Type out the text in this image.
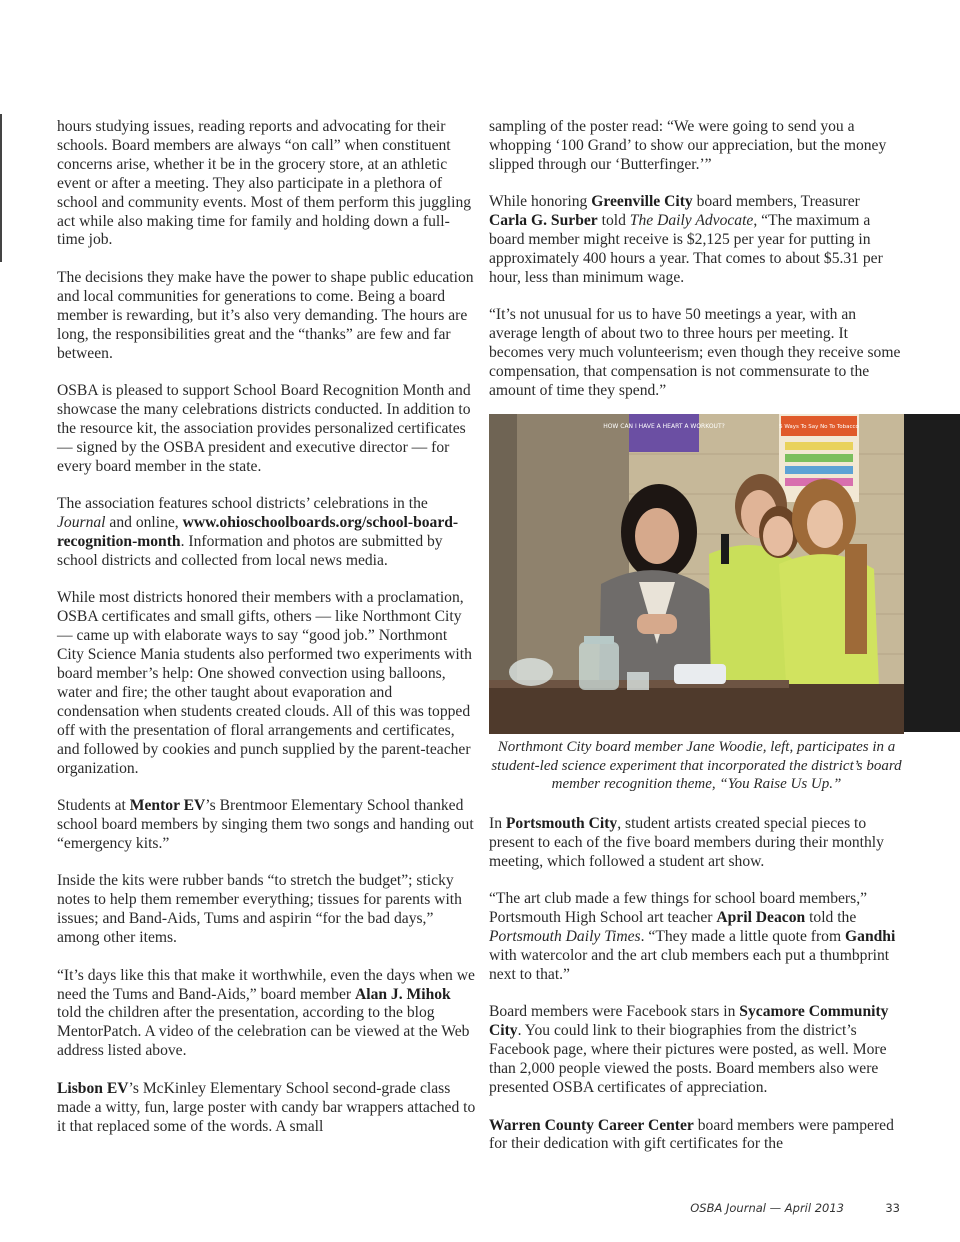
hours studying issues, reading reports and advocating for their schools. Board members are always “on call” when constituent concerns arise, whether it be in the grocery store, at an athletic event or after a meeting. They also participate in a plethora of school and community events. Most of them perform this juggling act while also making time for family and holding down a full-time job.

The decisions they make have the power to shape public education and local communities for generations to come. Being a board member is rewarding, but it’s also very demanding. The hours are long, the responsibilities great and the “thanks” are few and far between.

OSBA is pleased to support School Board Recognition Month and showcase the many celebrations districts conducted. In addition to the resource kit, the association provides personalized certificates — signed by the OSBA president and executive director — for every board member in the state.

The association features school districts’ celebrations in the Journal and online, www.ohioschoolboards.org/school-board-recognition-month. Information and photos are submitted by school districts and collected from local news media.

While most districts honored their members with a proclamation, OSBA certificates and small gifts, others — like Northmont City — came up with elaborate ways to say “good job.” Northmont City Science Mania students also performed two experiments with board member’s help: One showed convection using balloons, water and fire; the other taught about evaporation and condensation when students created clouds. All of this was topped off with the presentation of floral arrangements and certificates, and followed by cookies and punch supplied by the parent-teacher organization.

Students at Mentor EV’s Brentmoor Elementary School thanked school board members by singing them two songs and handing out “emergency kits.”

Inside the kits were rubber bands “to stretch the budget”; sticky notes to help them remember everything; tissues for parents with issues; and Band-Aids, Tums and aspirin “for the bad days,” among other items.

“It’s days like this that make it worthwhile, even the days when we need the Tums and Band-Aids,” board member Alan J. Mihok told the children after the presentation, according to the blog MentorPatch. A video of the celebration can be viewed at the Web address listed above.

Lisbon EV’s McKinley Elementary School second-grade class made a witty, fun, large poster with candy bar wrappers attached to it that replaced some of the words. A small

sampling of the poster read: “We were going to send you a whopping ‘100 Grand’ to show our appreciation, but the money slipped through our ‘Butterfinger.’”

While honoring Greenville City board members, Treasurer Carla G. Surber told The Daily Advocate, “The maximum a board member might receive is $2,125 per year for putting in approximately 400 hours a year. That comes to about $5.31 per hour, less than minimum wage.

“It’s not unusual for us to have 50 meetings a year, with an average length of about two to three hours per meeting. It becomes very much volunteerism; even though they receive some compensation, that compensation is not commensurate to the amount of time they spend.”

HOW CAN I HAVE A HEART A WORKOUT?	5 Ways To Say No To Tobacco
Northmont City board member Jane Woodie, left, participates in a student-led science experiment that incorporated the district’s board member recognition theme, “You Raise Us Up.”

In Portsmouth City, student artists created special pieces to present to each of the five board members during their monthly meeting, which followed a student art show.

“The art club made a few things for school board members,” Portsmouth High School art teacher April Deacon told the Portsmouth Daily Times. “They made a little quote from Gandhi with watercolor and the art club members each put a thumbprint next to that.”

Board members were Facebook stars in Sycamore Community City. You could link to their biographies from the district’s Facebook page, where their pictures were posted, as well. More than 2,000 people viewed the posts. Board members also were presented OSBA certificates of appreciation.

Warren County Career Center board members were pampered for their dedication with gift certificates for the

OSBA Journal — April 2013	33
